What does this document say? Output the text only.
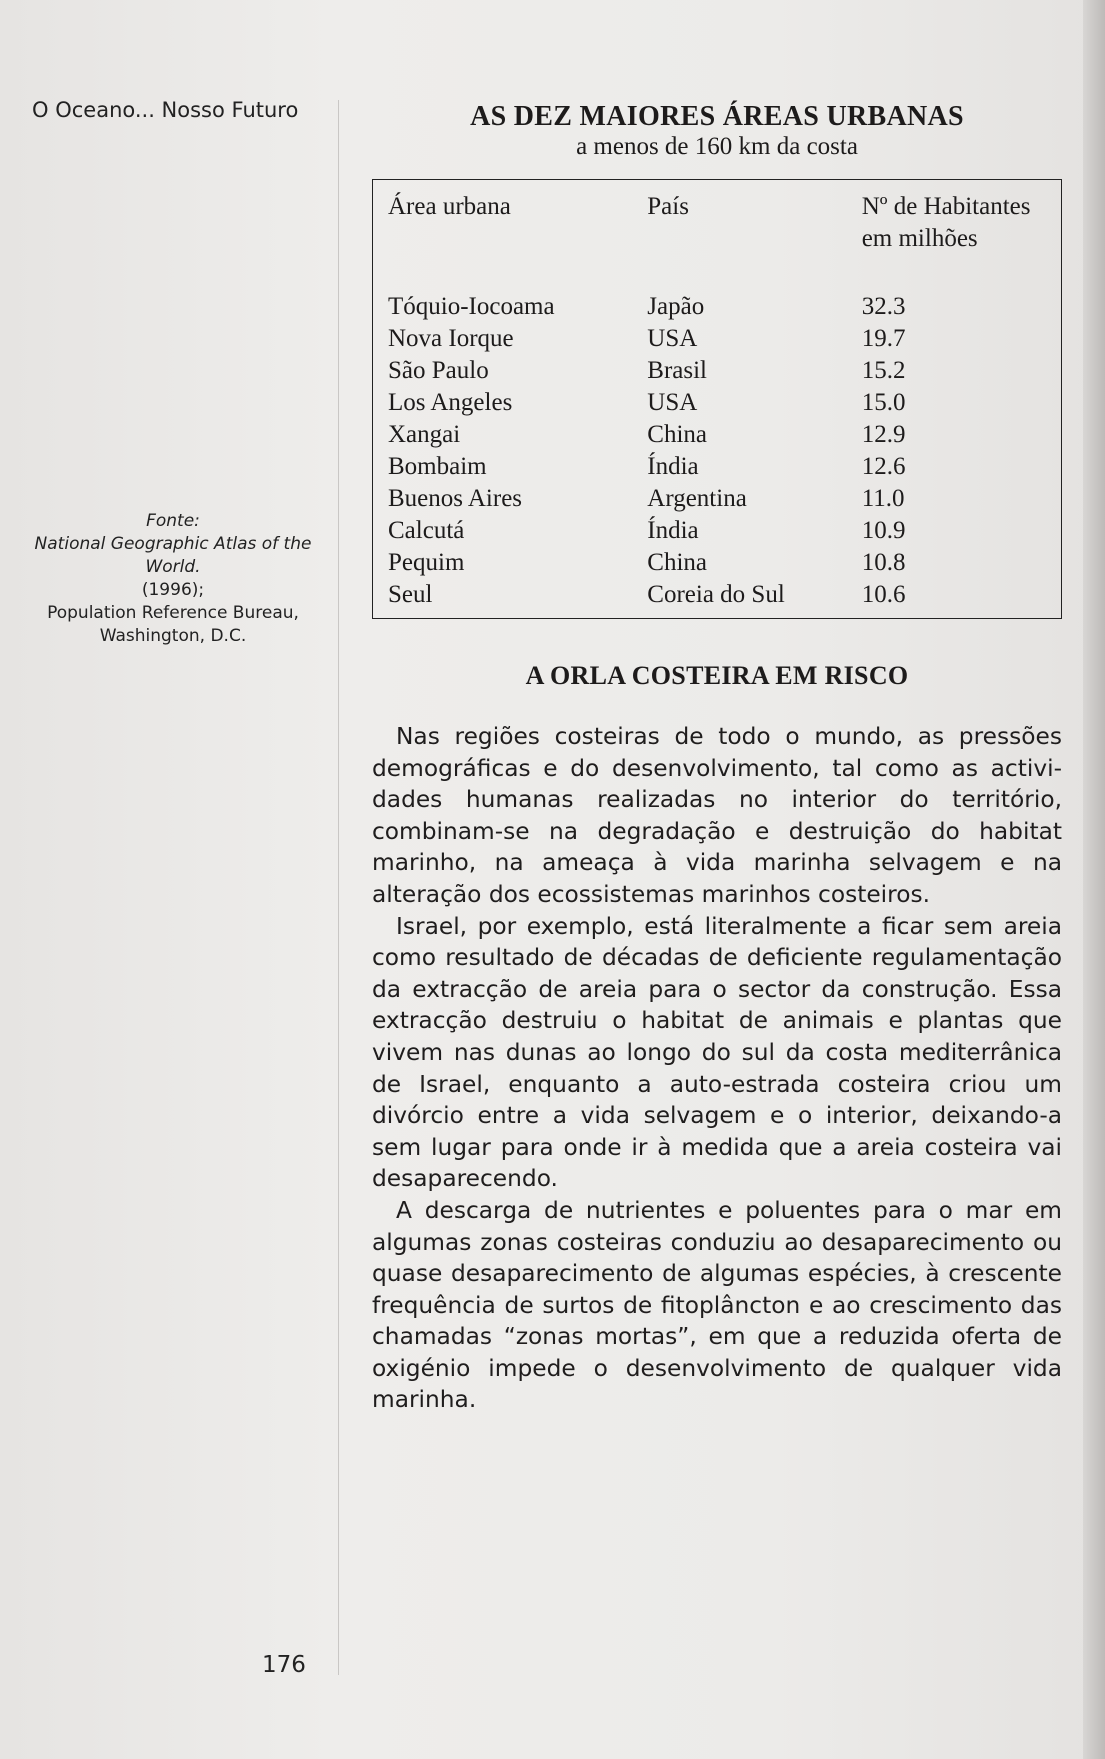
O Oceano... Nosso Futuro
Fonte:
National Geographic Atlas of the World.
(1996);
Population Reference Bureau, Washington, D.C.
176
AS DEZ MAIORES ÁREAS URBANAS

a menos de 160 km da costa

Área urbana	País	Nº de Habitantes em milhões

Tóquio-Iocoama	Japão	32.3
Nova Iorque	USA	19.7
São Paulo	Brasil	15.2
Los Angeles	USA	15.0
Xangai	China	12.9
Bombaim	Índia	12.6
Buenos Aires	Argentina	11.0
Calcutá	Índia	10.9
Pequim	China	10.8
Seul	Coreia do Sul	10.6
A ORLA COSTEIRA EM RISCO

Nas regiões costeiras de todo o mundo, as pressões demográficas e do desenvolvimento, tal como as actividades humanas realizadas no interior do território, combinam-se na degradação e destruição do habitat marinho, na ameaça à vida marinha selvagem e na alteração dos ecossistemas marinhos costeiros.

Israel, por exemplo, está literalmente a ficar sem areia como resultado de décadas de deficiente regulamentação da extracção de areia para o sector da construção. Essa extracção destruiu o habitat de animais e plantas que vivem nas dunas ao longo do sul da costa mediterrânica de Israel, enquanto a auto-estrada costeira criou um divórcio entre a vida selvagem e o interior, deixando-a sem lugar para onde ir à medida que a areia costeira vai desaparecendo.

A descarga de nutrientes e poluentes para o mar em algumas zonas costeiras conduziu ao desaparecimento ou quase desaparecimento de algumas espécies, à crescente frequência de surtos de fitoplâncton e ao crescimento das chamadas “zonas mortas”, em que a reduzida oferta de oxigénio impede o desenvolvimento de qualquer vida marinha.
